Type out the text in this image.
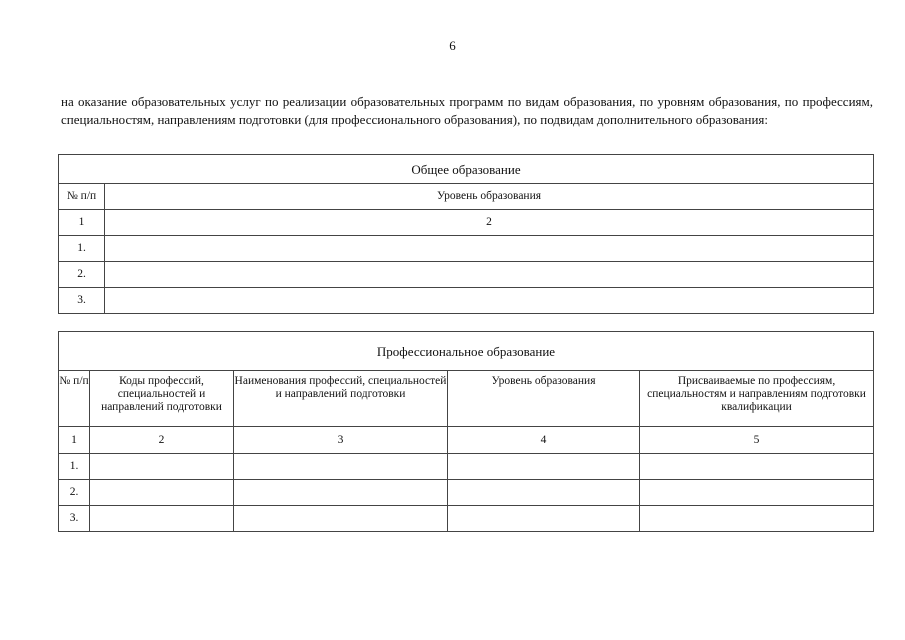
6

на оказание образовательных услуг по реализации образовательных программ по видам образования, по уровням образования, по профессиям, специальностям, направлениям подготовки (для профессионального образования), по подвидам дополнительного образования:

Общее образование	
№ п/п	Уровень образования
1	2
1.	
2.	
3.	
Профессиональное образование				
№ п/п	Коды профессий, специальностей и направлений подготовки	Наименования профессий, специальностей и направлений подготовки	Уровень образования	Присваиваемые по профессиям, специальностям и направлениям подготовки квалификации
1	2	3	4	5
1.				
2.				
3.				
